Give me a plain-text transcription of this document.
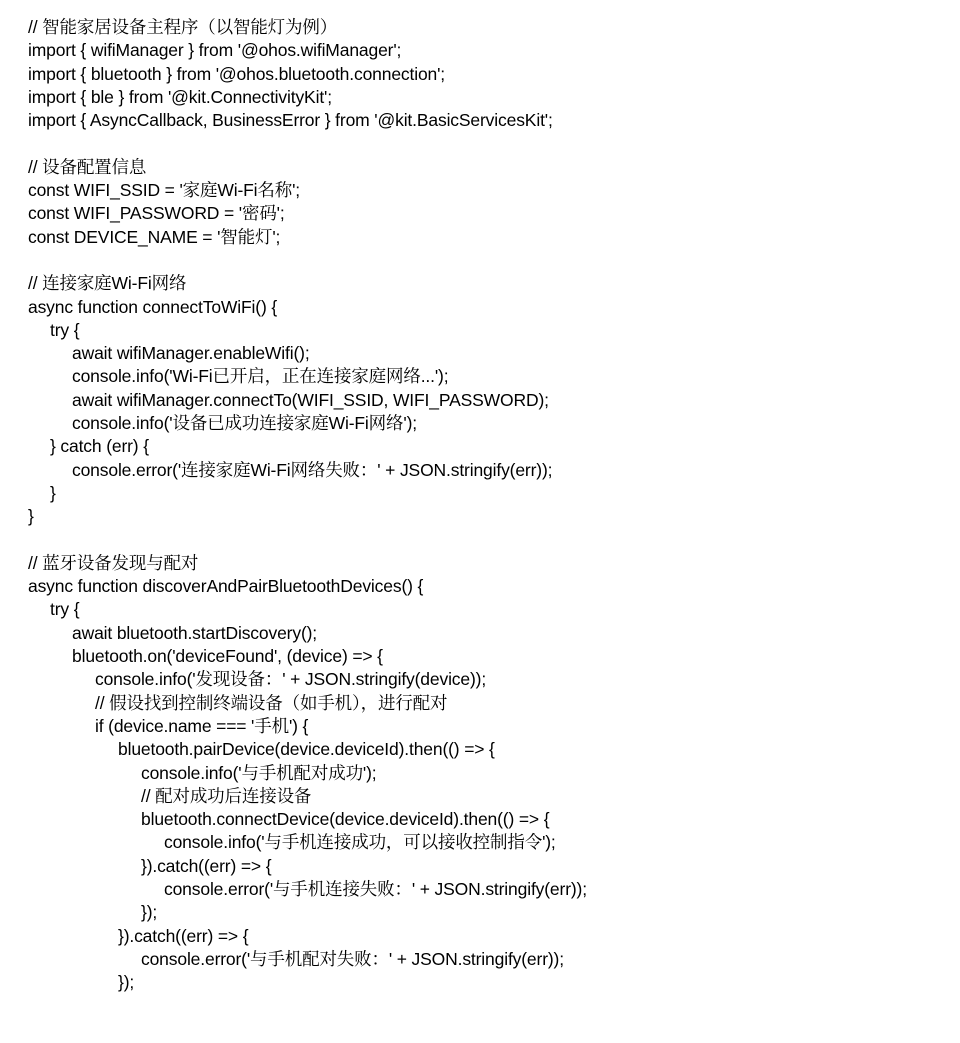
// 智能家居设备主程序（以智能灯为例）
import { wifiManager } from '@ohos.wifiManager';
import { bluetooth } from '@ohos.bluetooth.connection';
import { ble } from '@kit.ConnectivityKit';
import { AsyncCallback, BusinessError } from '@kit.BasicServicesKit';
// 设备配置信息
const WIFI_SSID = '家庭Wi-Fi名称';
const WIFI_PASSWORD = '密码';
const DEVICE_NAME = '智能灯';
// 连接家庭Wi-Fi网络
async function connectToWiFi() {
try {
await wifiManager.enableWifi();
console.info('Wi-Fi已开启，正在连接家庭网络...');
await wifiManager.connectTo(WIFI_SSID, WIFI_PASSWORD);
console.info('设备已成功连接家庭Wi-Fi网络');
} catch (err) {
console.error('连接家庭Wi-Fi网络失败：' + JSON.stringify(err));
}
}
// 蓝牙设备发现与配对
async function discoverAndPairBluetoothDevices() {
try {
await bluetooth.startDiscovery();
bluetooth.on('deviceFound', (device) => {
console.info('发现设备：' + JSON.stringify(device));
// 假设找到控制终端设备（如手机），进行配对
if (device.name === '手机') {
bluetooth.pairDevice(device.deviceId).then(() => {
console.info('与手机配对成功');
// 配对成功后连接设备
bluetooth.connectDevice(device.deviceId).then(() => {
console.info('与手机连接成功，可以接收控制指令');
}).catch((err) => {
console.error('与手机连接失败：' + JSON.stringify(err));
});
}).catch((err) => {
console.error('与手机配对失败：' + JSON.stringify(err));
});
